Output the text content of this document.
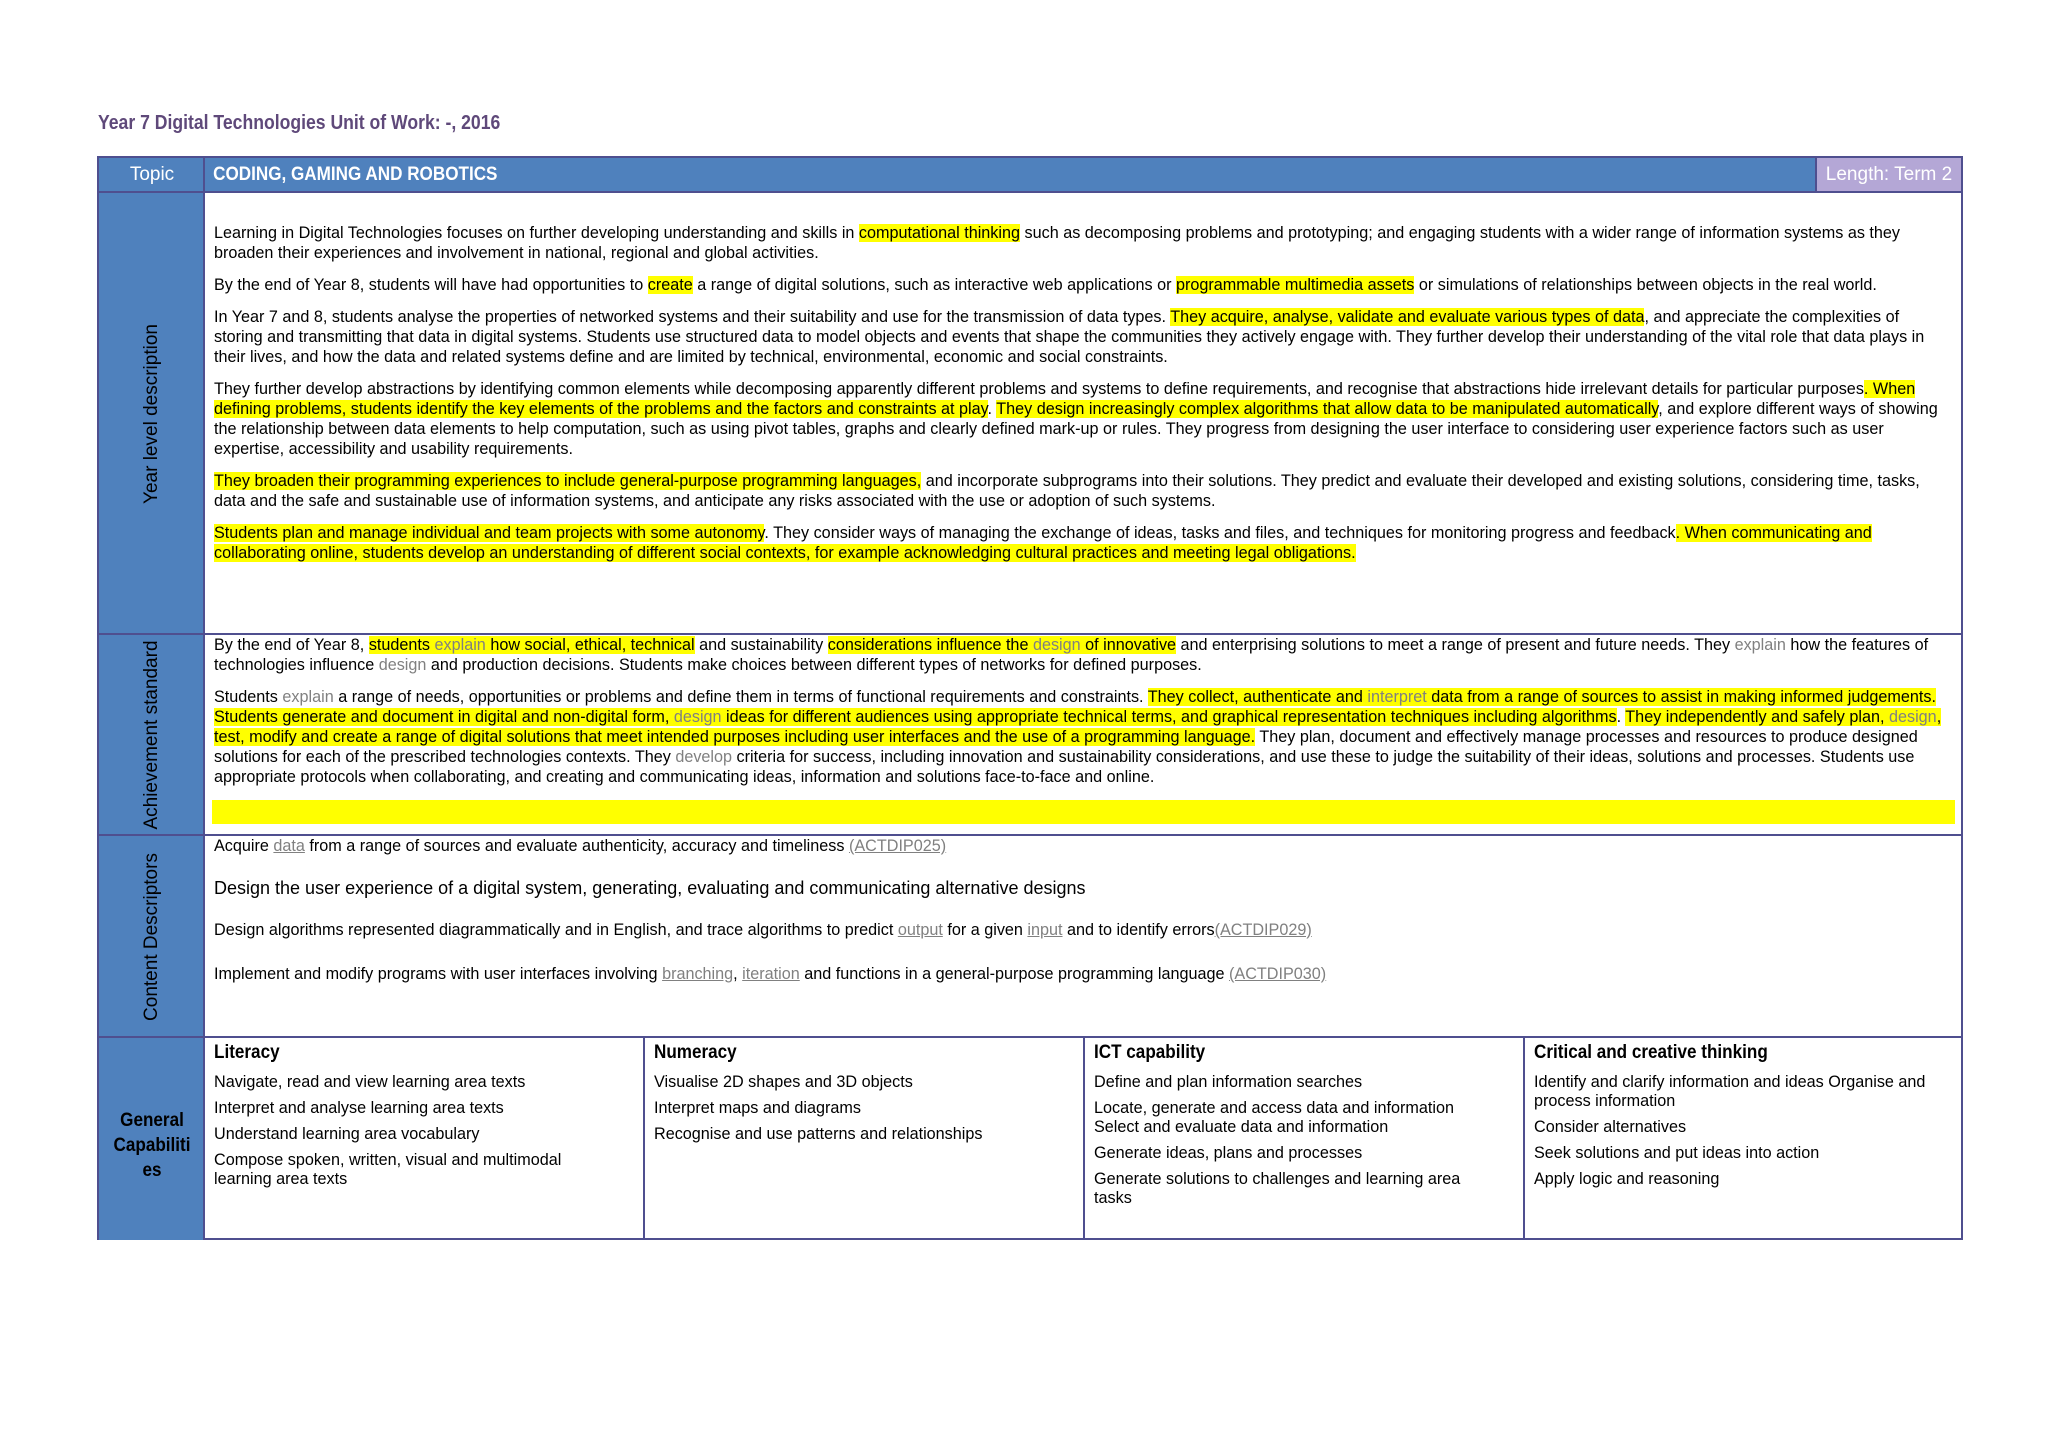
Year 7 Digital Technologies Unit of Work: -, 2016
Topic	CODING, GAMING AND ROBOTICS	Length: Term 2 and ½ Term 3
Year level description
Achievement standard
Content Descriptors
General
Capabiliti
es

Learning in Digital Technologies focuses on further developing understanding and skills in computational thinking such as decomposing problems and prototyping; and engaging students with a wider range of information systems as they broaden their experiences and involvement in national, regional and global activities.

By the end of Year 8, students will have had opportunities to create a range of digital solutions, such as interactive web applications or programmable multimedia assets or simulations of relationships between objects in the real world.

In Year 7 and 8, students analyse the properties of networked systems and their suitability and use for the transmission of data types. They acquire, analyse, validate and evaluate various types of data, and appreciate the complexities of storing and transmitting that data in digital systems. Students use structured data to model objects and events that shape the communities they actively engage with. They further develop their understanding of the vital role that data plays in their lives, and how the data and related systems define and are limited by technical, environmental, economic and social constraints.

They further develop abstractions by identifying common elements while decomposing apparently different problems and systems to define requirements, and recognise that abstractions hide irrelevant details for particular purposes. When defining problems, students identify the key elements of the problems and the factors and constraints at play. They design increasingly complex algorithms that allow data to be manipulated automatically, and explore different ways of showing the relationship between data elements to help computation, such as using pivot tables, graphs and clearly defined mark-up or rules. They progress from designing the user interface to considering user experience factors such as user expertise, accessibility and usability requirements.

They broaden their programming experiences to include general-purpose programming languages, and incorporate subprograms into their solutions. They predict and evaluate their developed and existing solutions, considering time, tasks, data and the safe and sustainable use of information systems, and anticipate any risks associated with the use or adoption of such systems.

Students plan and manage individual and team projects with some autonomy. They consider ways of managing the exchange of ideas, tasks and files, and techniques for monitoring progress and feedback. When communicating and collaborating online, students develop an understanding of different social contexts, for example acknowledging cultural practices and meeting legal obligations.

By the end of Year 8, students explain how social, ethical, technical and sustainability considerations influence the design of innovative and enterprising solutions to meet a range of present and future needs. They explain how the features of technologies influence design and production decisions. Students make choices between different types of networks for defined purposes.

Students explain a range of needs, opportunities or problems and define them in terms of functional requirements and constraints. They collect, authenticate and interpret data from a range of sources to assist in making informed judgements. Students generate and document in digital and non-digital form, design ideas for different audiences using appropriate technical terms, and graphical representation techniques including algorithms. They independently and safely plan, design, test, modify and create a range of digital solutions that meet intended purposes including user interfaces and the use of a programming language. They plan, document and effectively manage processes and resources to produce designed solutions for each of the prescribed technologies contexts. They develop criteria for success, including innovation and sustainability considerations, and use these to judge the suitability of their ideas, solutions and processes. Students use appropriate protocols when collaborating, and creating and communicating ideas, information and solutions face-to-face and online.

Acquire data from a range of sources and evaluate authenticity, accuracy and timeliness (ACTDIP025)

Design the user experience of a digital system, generating, evaluating and communicating alternative designs

Design algorithms represented diagrammatically and in English, and trace algorithms to predict output for a given input and to identify errors(ACTDIP029)

Implement and modify programs with user interfaces involving branching, iteration and functions in a general-purpose programming language (ACTDIP030)

Literacy

Navigate, read and view learning area texts

Interpret and analyse learning area texts

Understand learning area vocabulary

Compose spoken, written, visual and multimodal learning area texts

Numeracy

Visualise 2D shapes and 3D objects

Interpret maps and diagrams

Recognise and use patterns and relationships

ICT capability

Define and plan information searches

Locate, generate and access data and information Select and evaluate data and information

Generate ideas, plans and processes

Generate solutions to challenges and learning area tasks

Critical and creative thinking

Identify and clarify information and ideas Organise and process information

Consider alternatives

Seek solutions and put ideas into action

Apply logic and reasoning
